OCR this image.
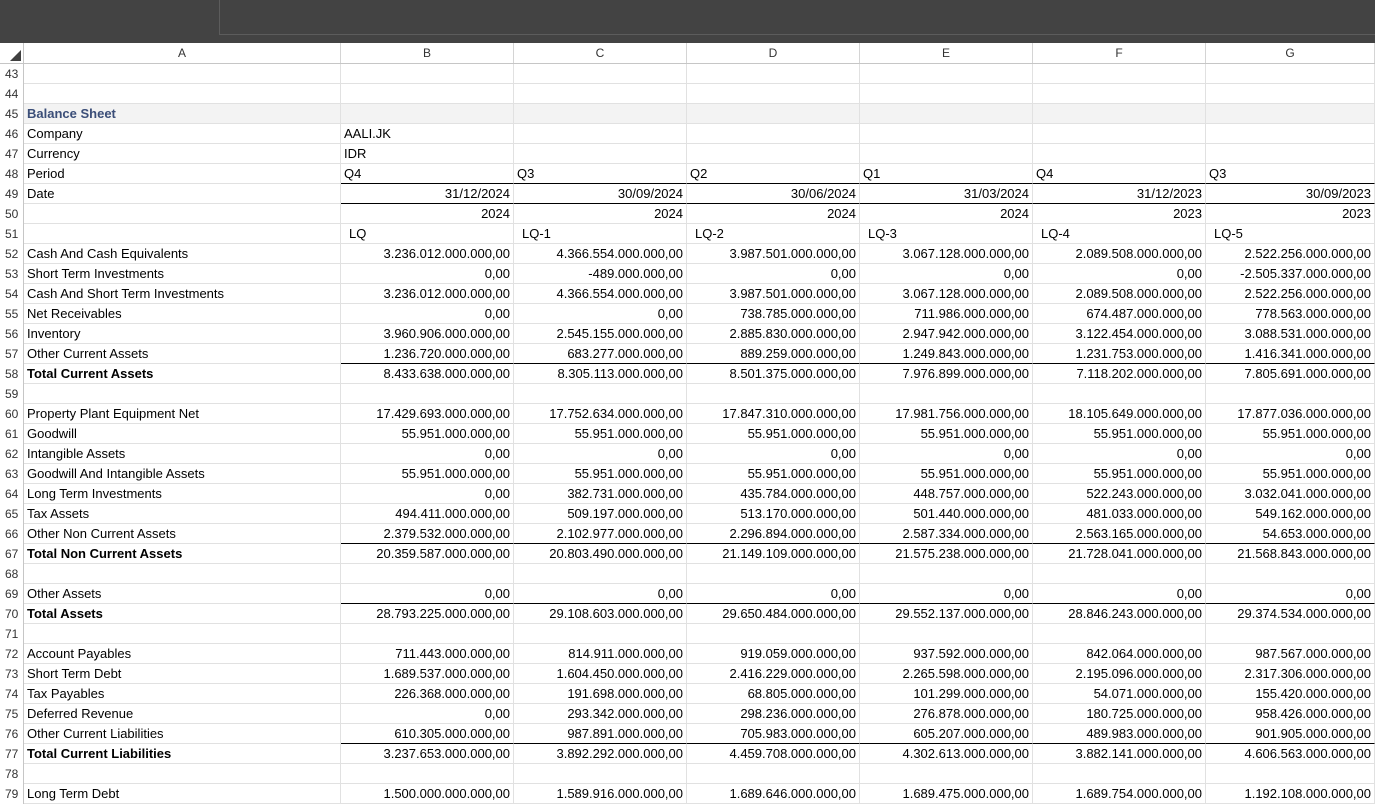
A	B	C	D	E	F	G
43
44
45 Balance Sheet
46 Company	AALI.JK
47 Currency	IDR
48 Period	Q4	Q3	Q2	Q1	Q4	Q3
49 Date	31/12/2024	30/09/2024	30/06/2024	31/03/2024	31/12/2023	30/09/2023
50	2024	2024	2024	2024	2023	2023
51	LQ	LQ-1	LQ-2	LQ-3	LQ-4	LQ-5
52 Cash And Cash Equivalents	3.236.012.000.000,00	4.366.554.000.000,00	3.987.501.000.000,00	3.067.128.000.000,00	2.089.508.000.000,00	2.522.256.000.000,00
53 Short Term Investments	0,00	-489.000.000,00	0,00	0,00	0,00	-2.505.337.000.000,00
54 Cash And Short Term Investments	3.236.012.000.000,00	4.366.554.000.000,00	3.987.501.000.000,00	3.067.128.000.000,00	2.089.508.000.000,00	2.522.256.000.000,00
55 Net Receivables	0,00	0,00	738.785.000.000,00	711.986.000.000,00	674.487.000.000,00	778.563.000.000,00
56 Inventory	3.960.906.000.000,00	2.545.155.000.000,00	2.885.830.000.000,00	2.947.942.000.000,00	3.122.454.000.000,00	3.088.531.000.000,00
57 Other Current Assets	1.236.720.000.000,00	683.277.000.000,00	889.259.000.000,00	1.249.843.000.000,00	1.231.753.000.000,00	1.416.341.000.000,00
58 Total Current Assets	8.433.638.000.000,00	8.305.113.000.000,00	8.501.375.000.000,00	7.976.899.000.000,00	7.118.202.000.000,00	7.805.691.000.000,00
59
60 Property Plant Equipment Net	17.429.693.000.000,00	17.752.634.000.000,00	17.847.310.000.000,00	17.981.756.000.000,00	18.105.649.000.000,00	17.877.036.000.000,00
61 Goodwill	55.951.000.000,00	55.951.000.000,00	55.951.000.000,00	55.951.000.000,00	55.951.000.000,00	55.951.000.000,00
62 Intangible Assets	0,00	0,00	0,00	0,00	0,00	0,00
63 Goodwill And Intangible Assets	55.951.000.000,00	55.951.000.000,00	55.951.000.000,00	55.951.000.000,00	55.951.000.000,00	55.951.000.000,00
64 Long Term Investments	0,00	382.731.000.000,00	435.784.000.000,00	448.757.000.000,00	522.243.000.000,00	3.032.041.000.000,00
65 Tax Assets	494.411.000.000,00	509.197.000.000,00	513.170.000.000,00	501.440.000.000,00	481.033.000.000,00	549.162.000.000,00
66 Other Non Current Assets	2.379.532.000.000,00	2.102.977.000.000,00	2.296.894.000.000,00	2.587.334.000.000,00	2.563.165.000.000,00	54.653.000.000,00
67 Total Non Current Assets	20.359.587.000.000,00	20.803.490.000.000,00	21.149.109.000.000,00	21.575.238.000.000,00	21.728.041.000.000,00	21.568.843.000.000,00
68
69 Other Assets	0,00	0,00	0,00	0,00	0,00	0,00
70 Total Assets	28.793.225.000.000,00	29.108.603.000.000,00	29.650.484.000.000,00	29.552.137.000.000,00	28.846.243.000.000,00	29.374.534.000.000,00
71
72 Account Payables	711.443.000.000,00	814.911.000.000,00	919.059.000.000,00	937.592.000.000,00	842.064.000.000,00	987.567.000.000,00
73 Short Term Debt	1.689.537.000.000,00	1.604.450.000.000,00	2.416.229.000.000,00	2.265.598.000.000,00	2.195.096.000.000,00	2.317.306.000.000,00
74 Tax Payables	226.368.000.000,00	191.698.000.000,00	68.805.000.000,00	101.299.000.000,00	54.071.000.000,00	155.420.000.000,00
75 Deferred Revenue	0,00	293.342.000.000,00	298.236.000.000,00	276.878.000.000,00	180.725.000.000,00	958.426.000.000,00
76 Other Current Liabilities	610.305.000.000,00	987.891.000.000,00	705.983.000.000,00	605.207.000.000,00	489.983.000.000,00	901.905.000.000,00
77 Total Current Liabilities	3.237.653.000.000,00	3.892.292.000.000,00	4.459.708.000.000,00	4.302.613.000.000,00	3.882.141.000.000,00	4.606.563.000.000,00
78
79 Long Term Debt	1.500.000.000.000,00	1.589.916.000.000,00	1.689.646.000.000,00	1.689.475.000.000,00	1.689.754.000.000,00	1.192.108.000.000,00
